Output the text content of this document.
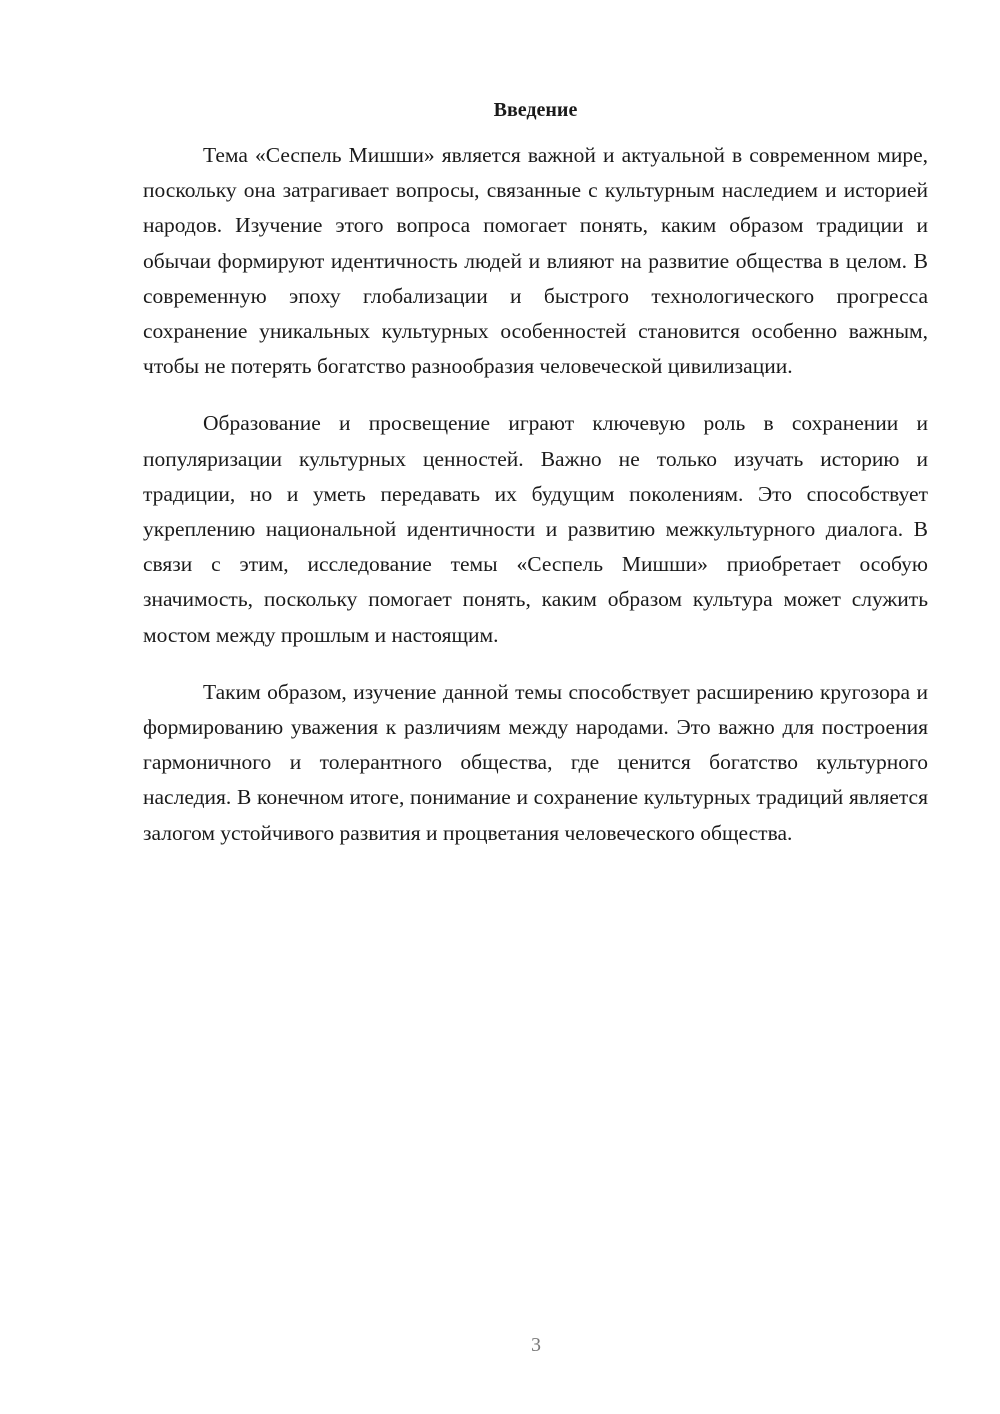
Введение

Тема «Сеспель Мишши» является важной и актуальной в современном мире, поскольку она затрагивает вопросы, связанные с культурным наследием и историей народов. Изучение этого вопроса помогает понять, каким образом традиции и обычаи формируют идентичность людей и влияют на развитие общества в целом. В современную эпоху глобализации и быстрого технологического прогресса сохранение уникальных культурных особенностей становится особенно важным, чтобы не потерять богатство разнообразия человеческой цивилизации.

Образование и просвещение играют ключевую роль в сохранении и популяризации культурных ценностей. Важно не только изучать историю и традиции, но и уметь передавать их будущим поколениям. Это способствует укреплению национальной идентичности и развитию межкультурного диалога. В связи с этим, исследование темы «Сеспель Мишши» приобретает особую значимость, поскольку помогает понять, каким образом культура может служить мостом между прошлым и настоящим.

Таким образом, изучение данной темы способствует расширению кругозора и формированию уважения к различиям между народами. Это важно для построения гармоничного и толерантного общества, где ценится богатство культурного наследия. В конечном итоге, понимание и сохранение культурных традиций является залогом устойчивого развития и процветания человеческого общества.

3
